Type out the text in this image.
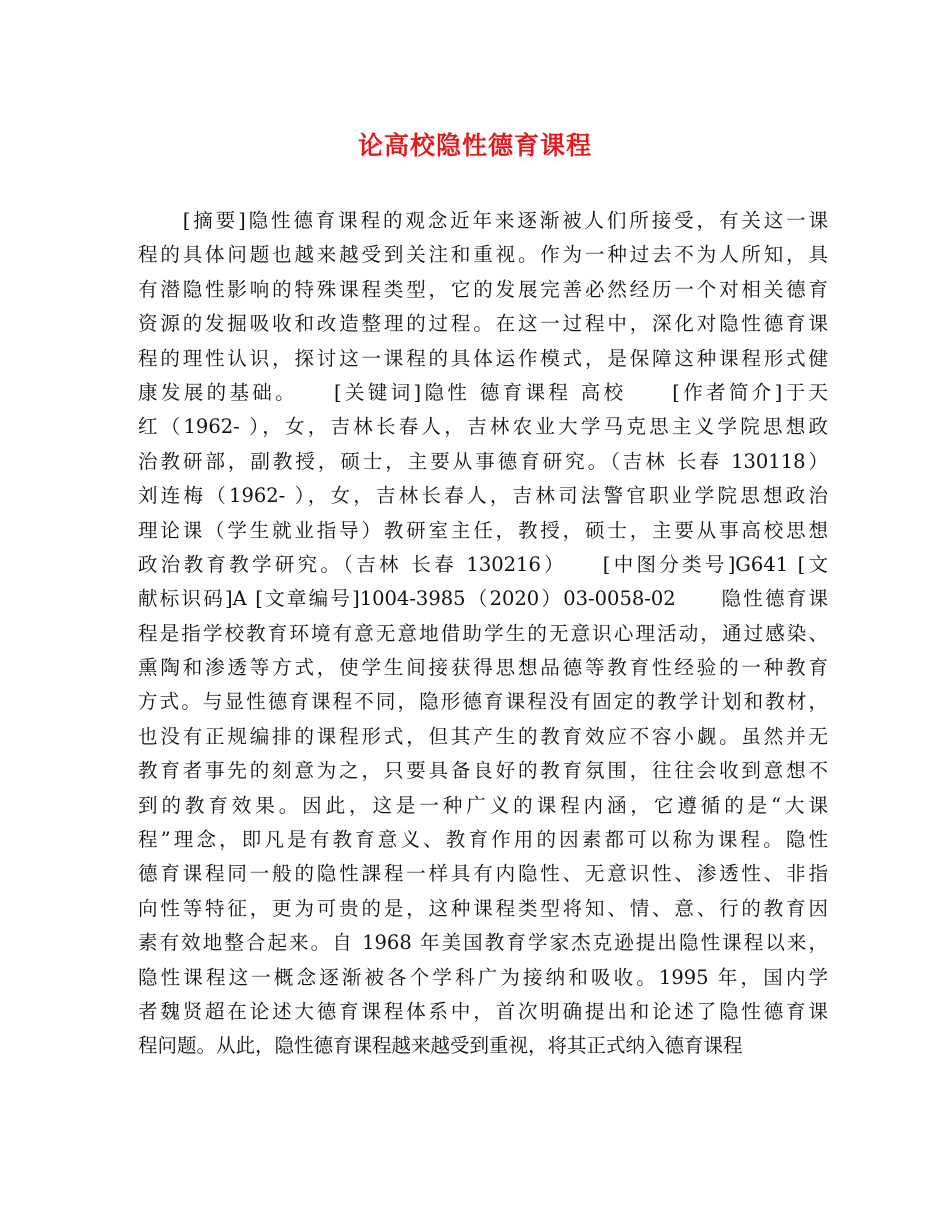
论高校隐性德育课程
　　[摘要]隐性德育课程的观念近年来逐渐被人们所接受，有关这一课
程的具体问题也越来越受到关注和重视。作为一种过去不为人所知，具
有潜隐性影响的特殊课程类型，它的发展完善必然经历一个对相关德育
资源的发掘吸收和改造整理的过程。在这一过程中，深化对隐性德育课
程的理性认识，探讨这一课程的具体运作模式，是保障这种课程形式健
康发展的基础。　　[关键词]隐性 德育课程 高校　　[作者简介]于天
红（1962- ），女，吉林长春人，吉林农业大学马克思主义学院思想政
治教研部，副教授，硕士，主要从事德育研究。（吉林 长春 130118）
刘连梅（1962- ），女，吉林长春人，吉林司法警官职业学院思想政治
理论课（学生就业指导）教研室主任，教授，硕士，主要从事高校思想
政治教育教学研究。（吉林 长春 130216）　　[中图分类号]G641 [文
献标识码]A [文章编号]1004-3985（2020）03-0058-02　　隐性德育课
程是指学校教育环境有意无意地借助学生的无意识心理活动，通过感染、
熏陶和渗透等方式，使学生间接获得思想品德等教育性经验的一种教育
方式。与显性德育课程不同，隐形德育课程没有固定的教学计划和教材，
也没有正规编排的课程形式，但其产生的教育效应不容小觑。虽然并无
教育者事先的刻意为之，只要具备良好的教育氛围，往往会收到意想不
到的教育效果。因此，这是一种广义的课程内涵，它遵循的是“大课
程”理念，即凡是有教育意义、教育作用的因素都可以称为课程。隐性
德育课程同一般的隐性課程一样具有内隐性、无意识性、渗透性、非指
向性等特征，更为可贵的是，这种课程类型将知、情、意、行的教育因
素有效地整合起来。自 1968 年美国教育学家杰克逊提出隐性课程以来，
隐性课程这一概念逐渐被各个学科广为接纳和吸收。1995 年，国内学
者魏贤超在论述大德育课程体系中，首次明确提出和论述了隐性德育课
程问题。从此，隐性德育课程越来越受到重视，将其正式纳入德育课程
